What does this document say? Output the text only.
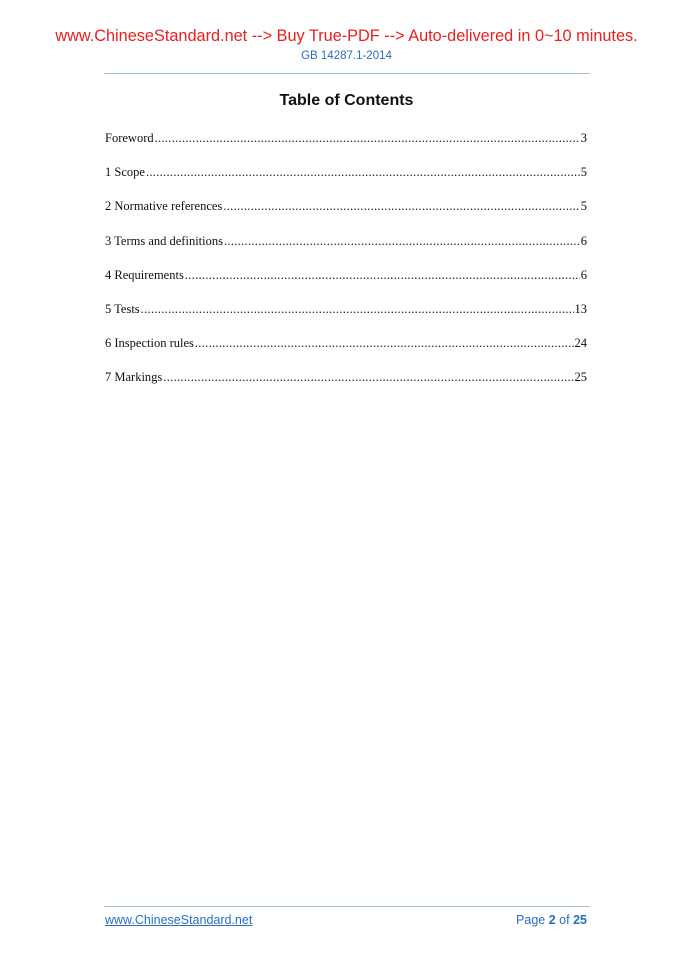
www.ChineseStandard.net --> Buy True-PDF --> Auto-delivered in 0~10 minutes.
GB 14287.1-2014
Table of Contents
Foreword .....	3
1 Scope .....	5
2 Normative references .....	5
3 Terms and definitions .....	6
4 Requirements .....	6
5 Tests .....	13
6 Inspection rules .....	24
7 Markings .....	25
www.ChineseStandard.net	Page 2 of 25
